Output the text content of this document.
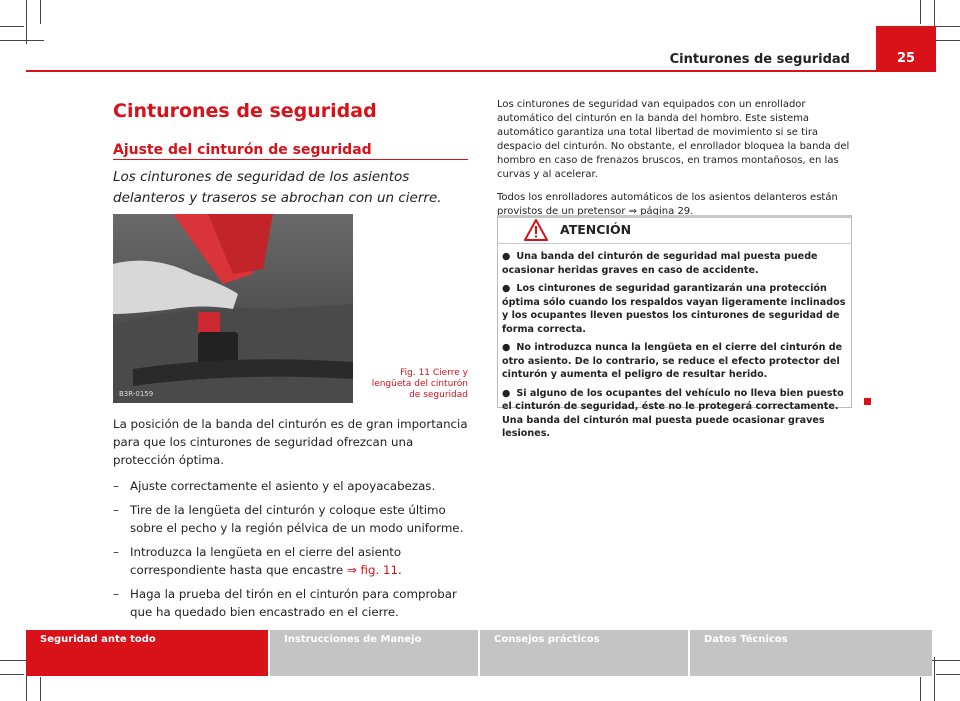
25
Cinturones de seguridad
Cinturones de seguridad
Ajuste del cinturón de seguridad
Los cinturones de seguridad de los asientos delanteros y traseros se abrochan con un cierre.
B3R-0159
Fig. 11 Cierre y lengüeta del cinturón de seguridad

La posición de la banda del cinturón es de gran importancia para que los cinturones de seguridad ofrezcan una protección óptima.

– Ajuste correctamente el asiento y el apoyacabezas.
– Tire de la lengüeta del cinturón y coloque este último sobre el pecho y la región pélvica de un modo uniforme.
– Introduzca la lengüeta en el cierre del asiento correspondiente hasta que encastre ⇒ fig. 11.
– Haga la prueba del tirón en el cinturón para comprobar que ha quedado bien encastrado en el cierre.

Los cinturones de seguridad van equipados con un enrollador automático del cinturón en la banda del hombro. Este sistema automático garantiza una total libertad de movimiento si se tira despacio del cinturón. No obstante, el enrollador bloquea la banda del hombro en caso de frenazos bruscos, en tramos montañosos, en las curvas y al acelerar.

Todos los enrolladores automáticos de los asientos delanteros están provistos de un pretensor ⇒ página 29.

ATENCIÓN
● Una banda del cinturón de seguridad mal puesta puede ocasionar heridas graves en caso de accidente.
● Los cinturones de seguridad garantizarán una protección óptima sólo cuando los respaldos vayan ligeramente inclinados y los ocupantes lleven puestos los cinturones de seguridad de forma correcta.
● No introduzca nunca la lengüeta en el cierre del cinturón de otro asiento. De lo contrario, se reduce el efecto protector del cinturón y aumenta el peligro de resultar herido.
● Si alguno de los ocupantes del vehículo no lleva bien puesto el cinturón de seguridad, éste no le protegerá correctamente. Una banda del cinturón mal puesta puede ocasionar graves lesiones.
Seguridad ante todo	Instrucciones de Manejo	Consejos prácticos	Datos Técnicos
